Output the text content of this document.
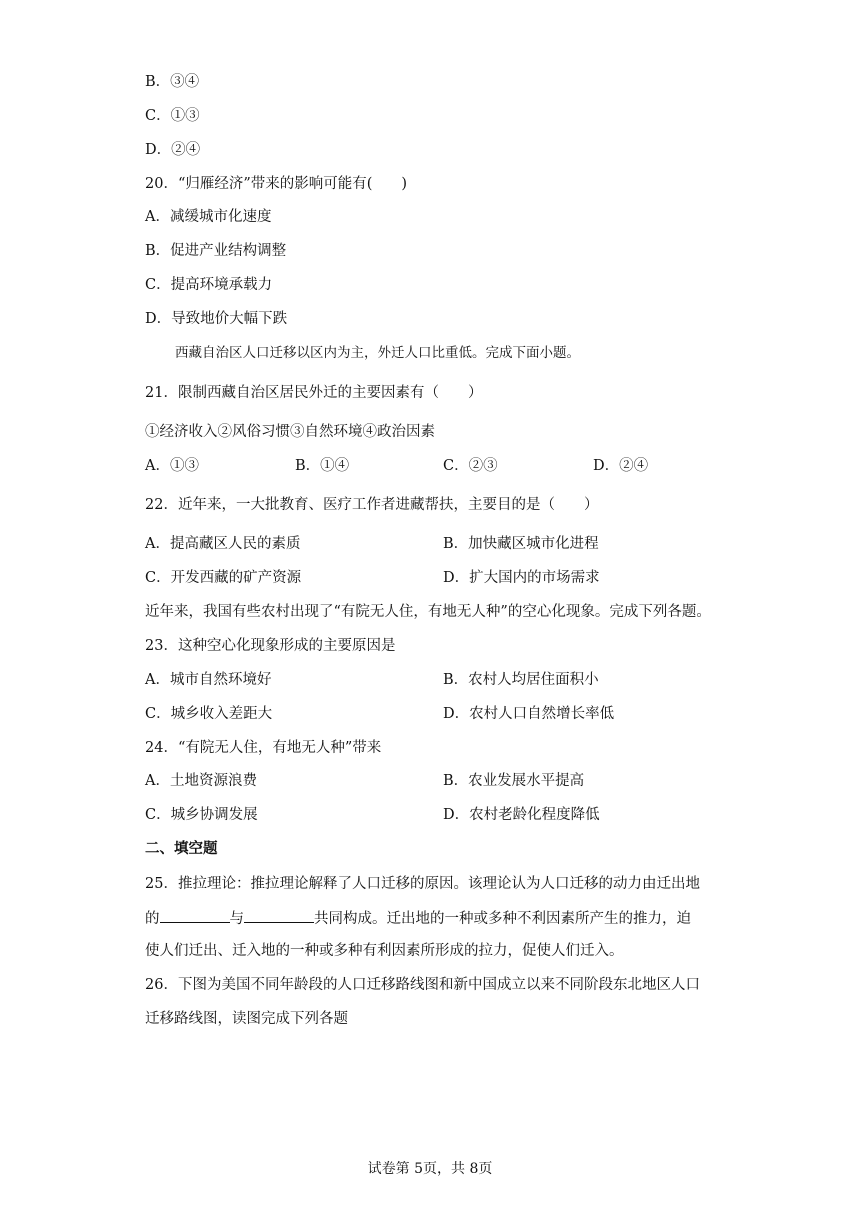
B．③④
C．①③
D．②④
20．“归雁经济”带来的影响可能有(　　)
A．减缓城市化速度
B．促进产业结构调整
C．提高环境承载力
D．导致地价大幅下跌
西藏自治区人口迁移以区内为主，外迁人口比重低。完成下面小题。
21．限制西藏自治区居民外迁的主要因素有（　　）
①经济收入②风俗习惯③自然环境④政治因素
A．①③	B．①④	C．②③	D．②④
22．近年来，一大批教育、医疗工作者进藏帮扶，主要目的是（　　）
A．提高藏区人民的素质	B．加快藏区城市化进程
C．开发西藏的矿产资源	D．扩大国内的市场需求
近年来，我国有些农村出现了“有院无人住，有地无人种”的空心化现象。完成下列各题。
23．这种空心化现象形成的主要原因是
A．城市自然环境好	B．农村人均居住面积小
C．城乡收入差距大	D．农村人口自然增长率低
24．“有院无人住，有地无人种”带来
A．土地资源浪费	B．农业发展水平提高
C．城乡协调发展	D．农村老龄化程度降低
二、填空题
25．推拉理论：推拉理论解释了人口迁移的原因。该理论认为人口迁移的动力由迁出地
的	与	共同构成。迁出地的一种或多种不利因素所产生的推力，迫
使人们迁出、迁入地的一种或多种有利因素所形成的拉力，促使人们迁入。
26．下图为美国不同年龄段的人口迁移路线图和新中国成立以来不同阶段东北地区人口
迁移路线图，读图完成下列各题
试卷第 5页，共 8页
